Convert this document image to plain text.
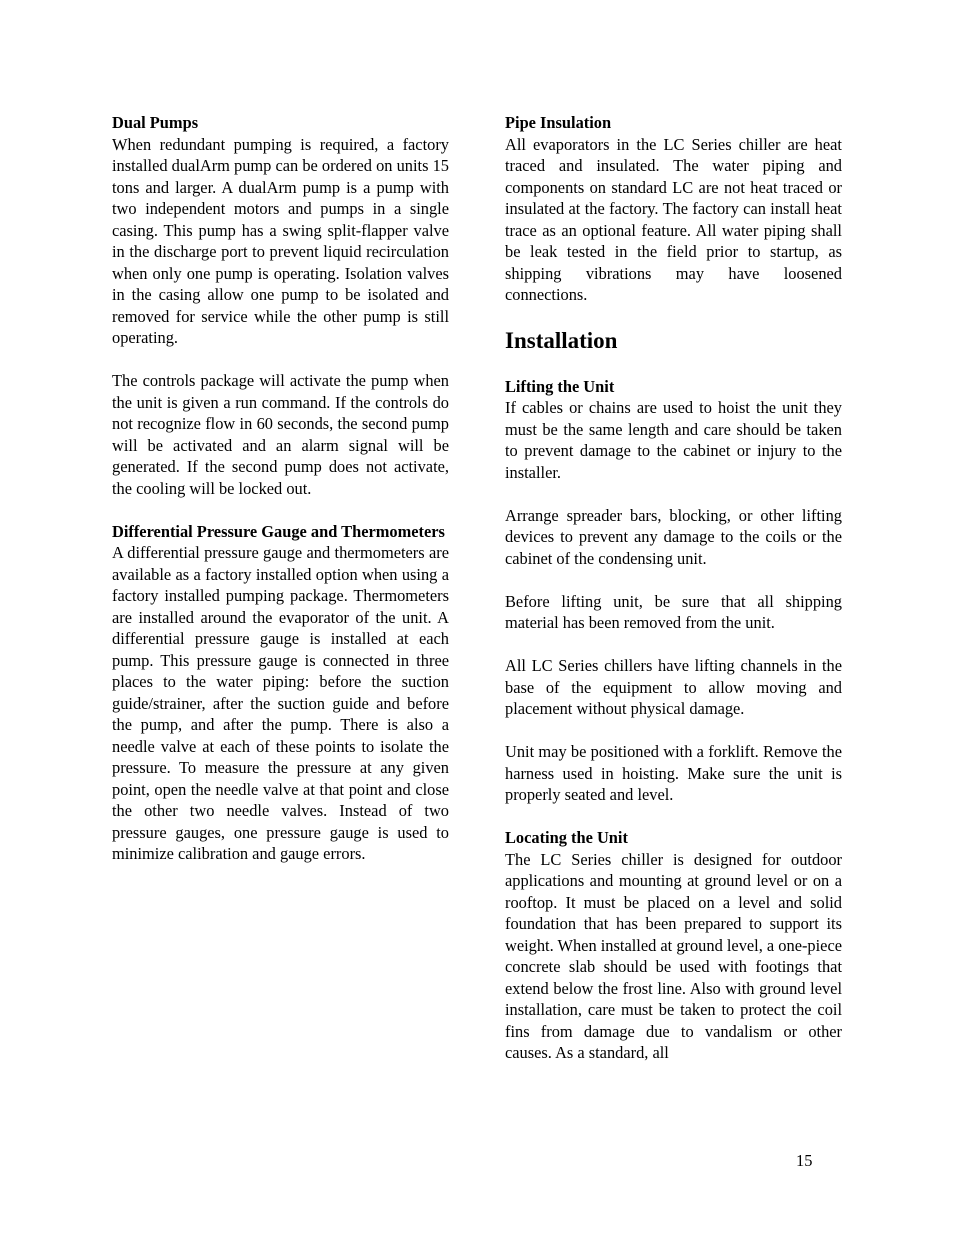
Dual Pumps

When redundant pumping is required, a factory installed dualArm pump can be ordered on units 15 tons and larger. A dualArm pump is a pump with two independent motors and pumps in a single casing. This pump has a swing split-flapper valve in the discharge port to prevent liquid recirculation when only one pump is operating. Isolation valves in the casing allow one pump to be isolated and removed for service while the other pump is still operating.

The controls package will activate the pump when the unit is given a run command. If the controls do not recognize flow in 60 seconds, the second pump will be activated and an alarm signal will be generated. If the second pump does not activate, the cooling will be locked out.

Differential Pressure Gauge and Thermometers

A differential pressure gauge and thermometers are available as a factory installed option when using a factory installed pumping package. Thermometers are installed around the evaporator of the unit. A differential pressure gauge is installed at each pump. This pressure gauge is connected in three places to the water piping: before the suction guide/strainer, after the suction guide and before the pump, and after the pump. There is also a needle valve at each of these points to isolate the pressure. To measure the pressure at any given point, open the needle valve at that point and close the other two needle valves. Instead of two pressure gauges, one pressure gauge is used to minimize calibration and gauge errors.

Pipe Insulation

All evaporators in the LC Series chiller are heat traced and insulated. The water piping and components on standard LC are not heat traced or insulated at the factory. The factory can install heat trace as an optional feature. All water piping shall be leak tested in the field prior to startup, as shipping vibrations may have loosened connections.

Installation

Lifting the Unit

If cables or chains are used to hoist the unit they must be the same length and care should be taken to prevent damage to the cabinet or injury to the installer.

Arrange spreader bars, blocking, or other lifting devices to prevent any damage to the coils or the cabinet of the condensing unit.

Before lifting unit, be sure that all shipping material has been removed from the unit.

All LC Series chillers have lifting channels in the base of the equipment to allow moving and placement without physical damage.

Unit may be positioned with a forklift. Remove the harness used in hoisting. Make sure the unit is properly seated and level.

Locating the Unit

The LC Series chiller is designed for outdoor applications and mounting at ground level or on a rooftop. It must be placed on a level and solid foundation that has been prepared to support its weight. When installed at ground level, a one-piece concrete slab should be used with footings that extend below the frost line. Also with ground level installation, care must be taken to protect the coil fins from damage due to vandalism or other causes. As a standard, all

15
